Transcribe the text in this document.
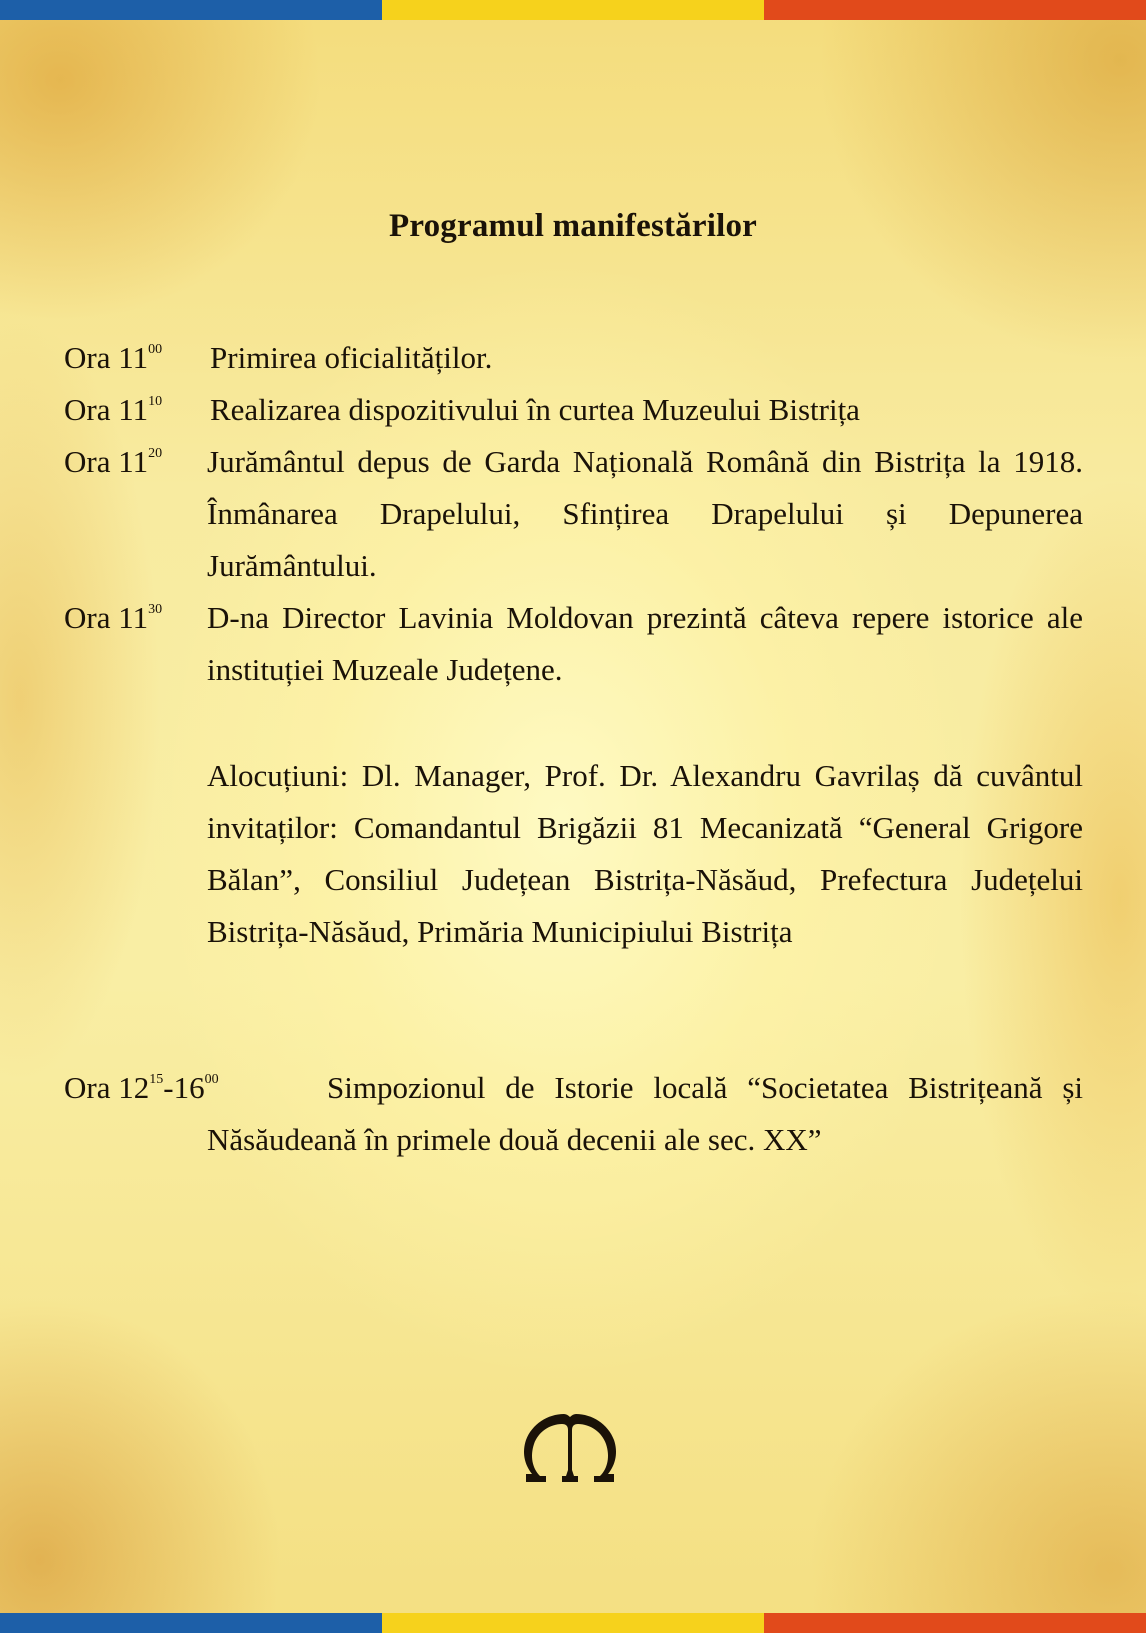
Programul manifestărilor
Ora $11^{00}$ Primirea oficialităților.
Ora $11^{10}$ Realizarea dispozitivului în curtea Muzeului Bistrița
Ora $11^{20}$ Jurământul depus de Garda Națională Română din Bistrița la 1918. Înmânarea Drapelului, Sfințirea Drapelului și Depunerea Jurământului.
Ora $11^{30}$ D-na Director Lavinia Moldovan prezintă câteva repere istorice ale instituției Muzeale Județene.
Alocuțiuni: Dl. Manager, Prof. Dr. Alexandru Gavrilaș dă cuvântul invitaților: Comandantul Brigăzii 81 Mecanizată “General Grigore Bălan”, Consiliul Județean Bistrița-Năsăud, Prefectura Județelui Bistrița-Năsăud, Primăria Municipiului Bistrița
Ora $12^{15}-16^{00}$	Simpozionul de Istorie locală “Societatea Bistrițeană și Năsăudeană în primele două decenii ale sec. XX”
